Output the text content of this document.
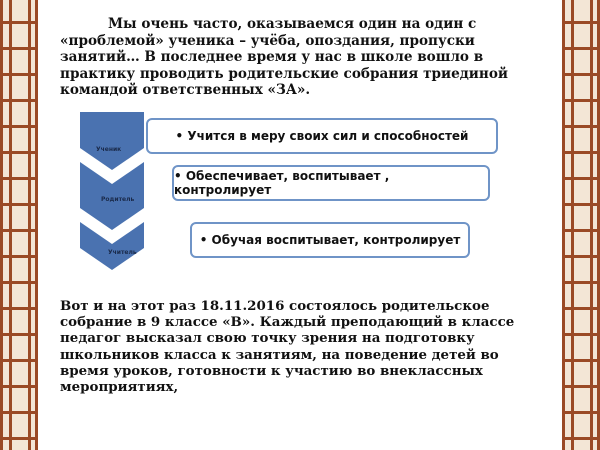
Мы очень часто, оказываемся один на один с «проблемой» ученика – учёба, опоздания, пропуски занятий… В последнее время у нас в школе вошло в практику проводить родительские собрания триединой командой ответственных «ЗА».

Ученик
Родитель
Учитель
• Учится в меру своих сил и способностей
• Обеспечивает, воспитывает , контролирует
• Обучая воспитывает, контролирует

Вот и на этот раз 18.11.2016 состоялось родительское собрание в 9 классе «В». Каждый преподающий в классе педагог высказал свою точку зрения на подготовку школьников класса к занятиям, на поведение детей во время уроков, готовности к участию во внеклассных мероприятиях,
